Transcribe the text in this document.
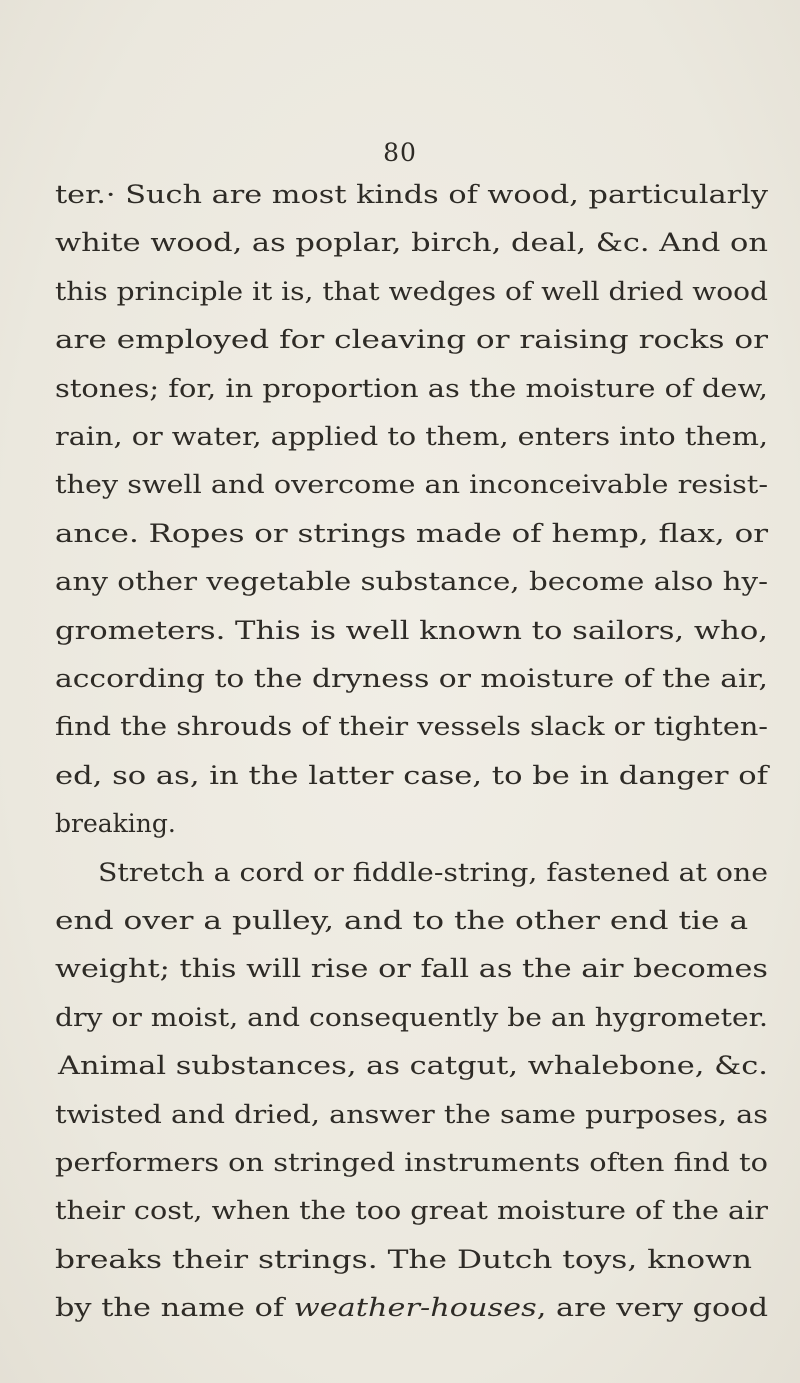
80
ter.· Such are most kinds of wood, particularly
white wood, as poplar, birch, deal, &c. And on
this principle it is, that wedges of well dried wood
are employed for cleaving or raising rocks or
stones; for, in proportion as the moisture of dew,
rain, or water, applied to them, enters into them,
they swell and overcome an inconceivable resist-
ance. Ropes or strings made of hemp, flax, or
any other vegetable substance, become also hy-
grometers. This is well known to sailors, who,
according to the dryness or moisture of the air,
find the shrouds of their vessels slack or tighten-
ed, so as, in the latter case, to be in danger of
breaking.
Stretch a cord or fiddle-string, fastened at one
end over a pulley, and to the other end tie a
weight; this will rise or fall as the air becomes
dry or moist, and consequently be an hygrometer.
Animal substances, as catgut, whalebone, &c.
twisted and dried, answer the same purposes, as
performers on stringed instruments often find to
their cost, when the too great moisture of the air
breaks their strings. The Dutch toys, known
by the name of weather-houses, are very good
